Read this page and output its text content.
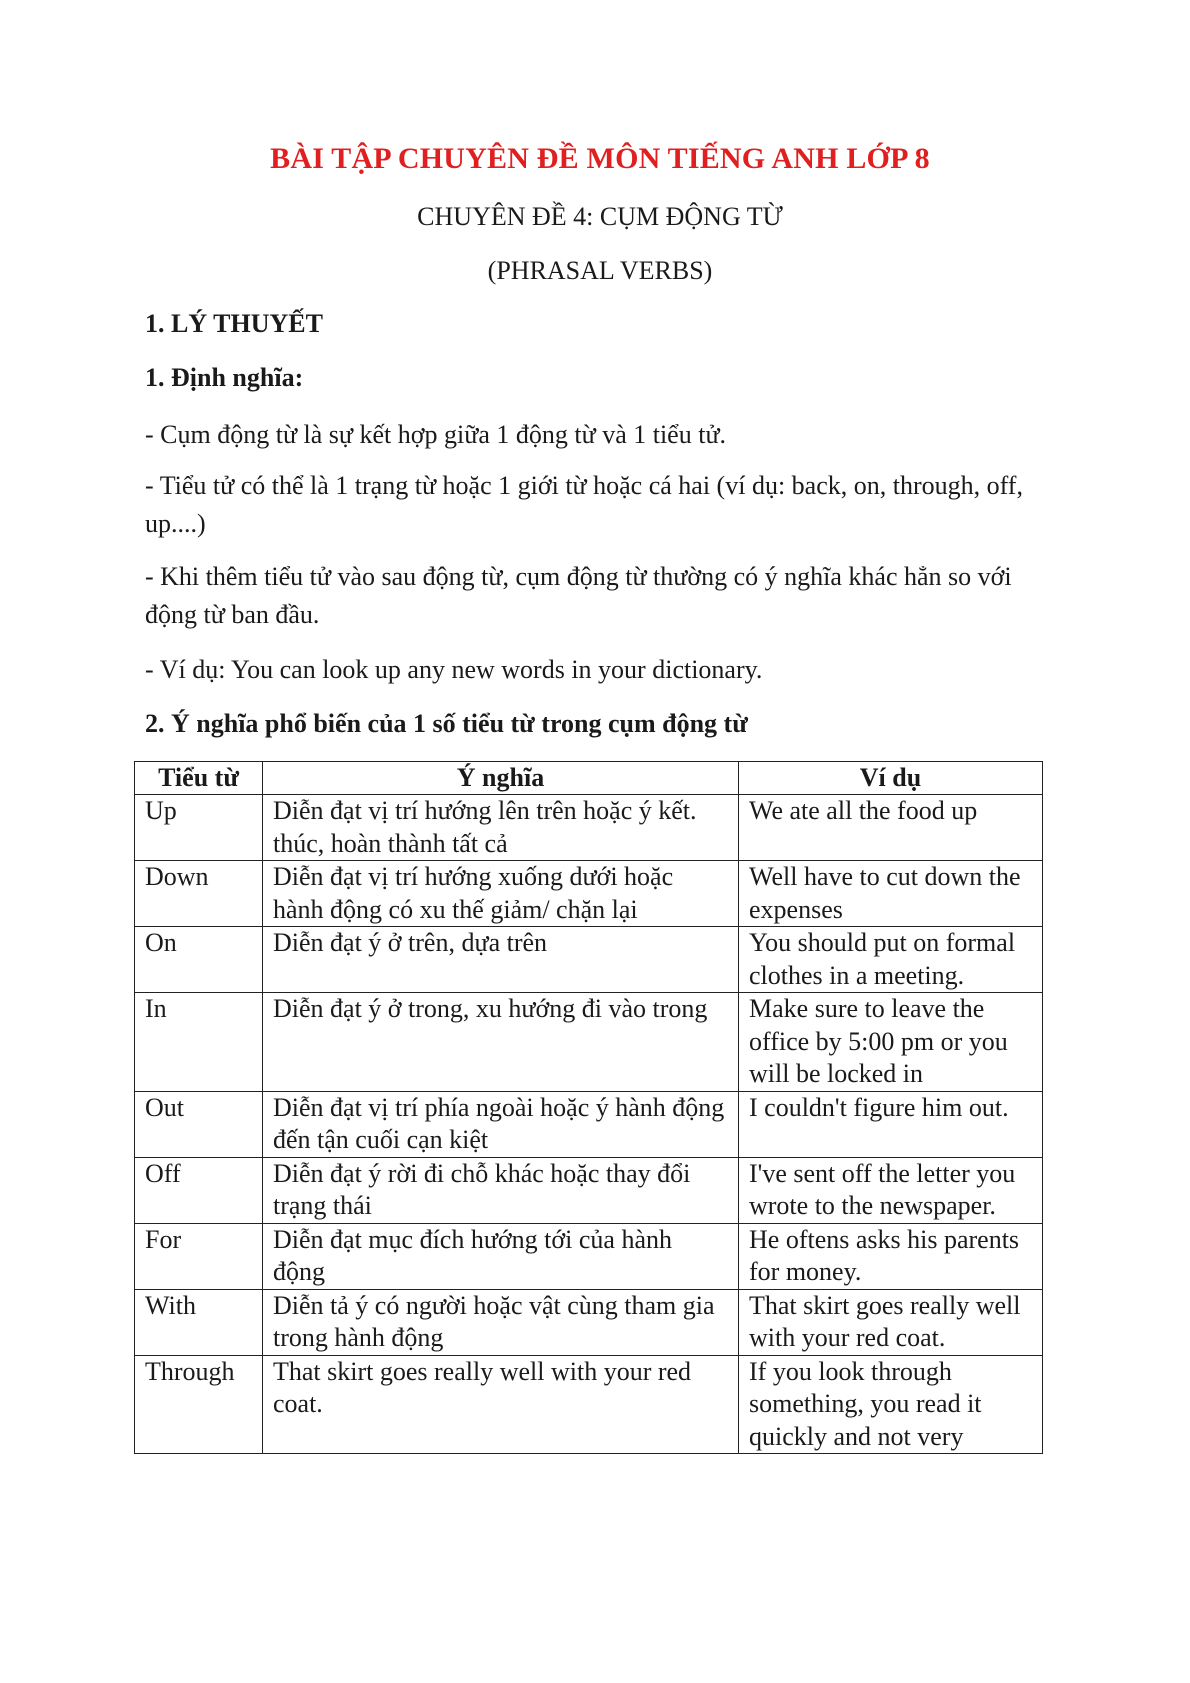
BÀI TẬP CHUYÊN ĐỀ MÔN TIẾNG ANH LỚP 8
CHUYÊN ĐỀ 4: CỤM ĐỘNG TỪ
(PHRASAL VERBS)
1. LÝ THUYẾT
1. Định nghĩa:
- Cụm động từ là sự kết hợp giữa 1 động từ và 1 tiểu tử.
- Tiểu tử có thể là 1 trạng từ hoặc 1 giới từ hoặc cá hai (ví dụ: back, on, through, off, up....)
- Khi thêm tiểu tử vào sau động từ, cụm động từ thường có ý nghĩa khác hẳn so với động từ ban đầu.
- Ví dụ: You can look up any new words in your dictionary.
2. Ý nghĩa phổ biến của 1 số tiểu từ trong cụm động từ
Tiểu từ	Ý nghĩa	Ví dụ
Up	Diễn đạt vị trí hướng lên trên hoặc ý kết. thúc, hoàn thành tất cả	We ate all the food up
Down	Diễn đạt vị trí hướng xuống dưới hoặc hành động có xu thế giảm/ chặn lại	Well have to cut down the expenses
On	Diễn đạt ý ở trên, dựa trên	You should put on formal clothes in a meeting.
In	Diễn đạt ý ở trong, xu hướng đi vào trong	Make sure to leave the office by 5:00 pm or you will be locked in
Out	Diễn đạt vị trí phía ngoài hoặc ý hành động đến tận cuối cạn kiệt	I couldn't figure him out.
Off	Diễn đạt ý rời đi chỗ khác hoặc thay đổi trạng thái	I've sent off the letter you wrote to the newspaper.
For	Diễn đạt mục đích hướng tới của hành động	He oftens asks his parents for money.
With	Diễn tả ý có người hoặc vật cùng tham gia trong hành động	That skirt goes really well with your red coat.
Through	That skirt goes really well with your red coat.	If you look through something, you read it quickly and not very
